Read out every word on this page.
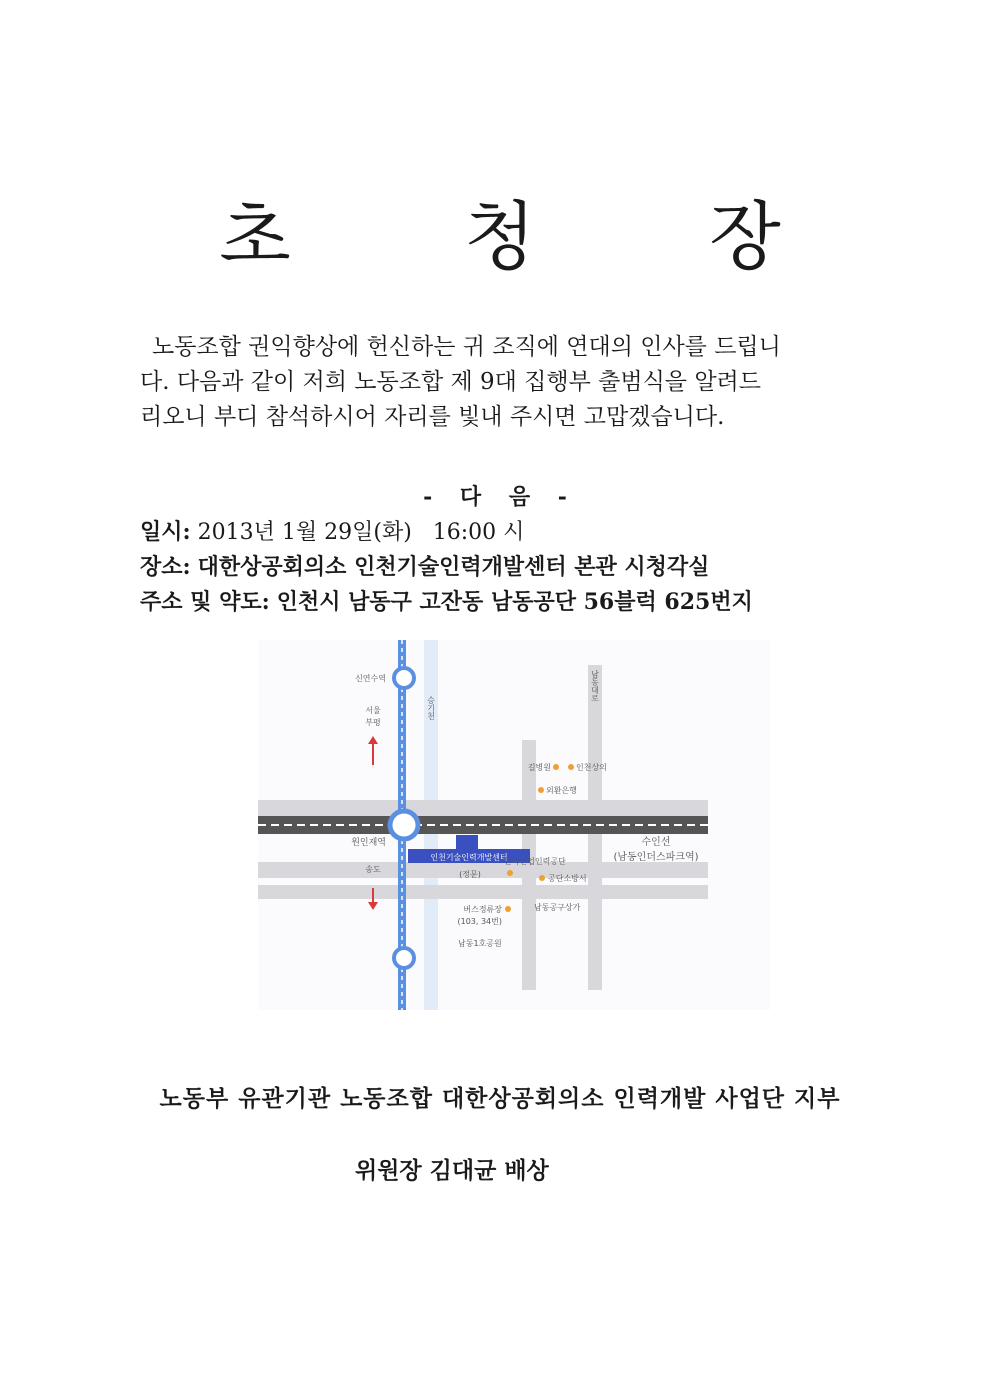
초 청 장
노동조합 권익향상에 헌신하는 귀 조직에 연대의 인사를 드립니
다. 다음과 같이 저희 노동조합 제 9대 집행부 출범식을 알려드
리오니 부디 참석하시어 자리를 빛내 주시면 고맙겠습니다.
- 다 음 -
일시: 2013년 1월 29일(화)   16:00 시
장소: 대한상공회의소 인천기술인력개발센터 본관 시청각실
주소 및 약도: 인천시 남동구 고잔동 남동공단 56블럭 625번지
신연수역
서울
부평
승기천
남동대로
길병원	인천상의
외환은행
원인재역	수인선
(남동인더스파크역)
인천기술인력개발센터
(정문)
한국산업인력공단
공단소방서
송도
버스정류장
(103, 34번)
남동공구상가
남동1호공원
노동부 유관기관 노동조합 대한상공회의소 인력개발 사업단 지부
위원장 김대균 배상
